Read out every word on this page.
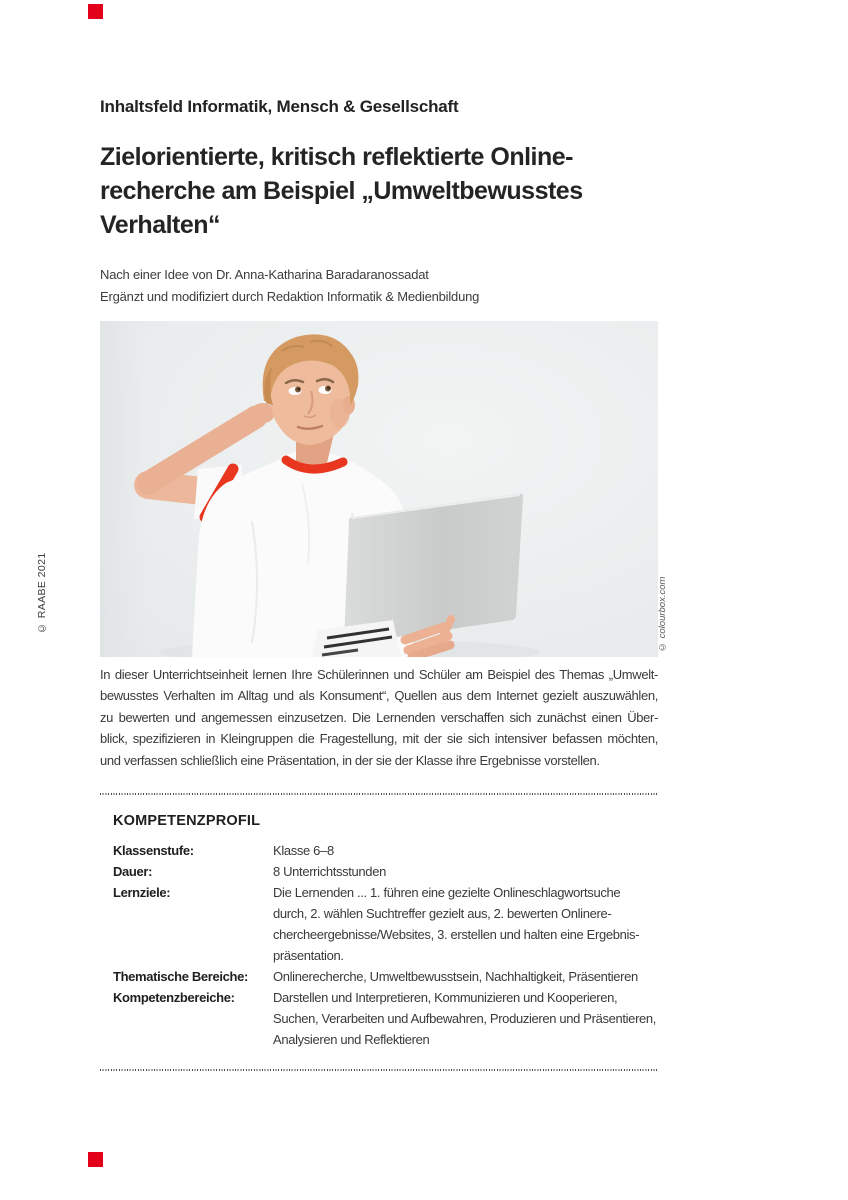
© RAABE 2021
Inhaltsfeld Informatik, Mensch & Gesellschaft
Zielorientierte, kritisch reflektierte Online-
recherche am Beispiel „Umweltbewusstes
Verhalten“
Nach einer Idee von Dr. Anna-Katharina Baradaranossadat
Ergänzt und modifiziert durch Redaktion Informatik & Medienbildung
© colourbox.com
In dieser Unterrichtseinheit lernen Ihre Schülerinnen und Schüler am Beispiel des Themas „Umwelt-
bewusstes Verhalten im Alltag und als Konsument“, Quellen aus dem Internet gezielt auszuwählen,
zu bewerten und angemessen einzusetzen. Die Lernenden verschaffen sich zunächst einen Über-
blick, spezifizieren in Kleingruppen die Fragestellung, mit der sie sich intensiver befassen möchten,
und verfassen schließlich eine Präsentation, in der sie der Klasse ihre Ergebnisse vorstellen.
KOMPETENZPROFIL
Klassenstufe:	Klasse 6–8
Dauer:	8 Unterrichtsstunden
Lernziele:	Die Lernenden ... 1. führen eine gezielte Onlineschlagwortsuche
durch, 2. wählen Suchtreffer gezielt aus, 2. bewerten Onlinere-
chercheergebnisse/Websites, 3. erstellen und halten eine Ergebnis-
präsentation.
Thematische Bereiche:	Onlinerecherche, Umweltbewusstsein, Nachhaltigkeit, Präsentieren
Kompetenzbereiche:	Darstellen und Interpretieren, Kommunizieren und Kooperieren,
Suchen, Verarbeiten und Aufbewahren, Produzieren und Präsentieren,
Analysieren und Reflektieren
